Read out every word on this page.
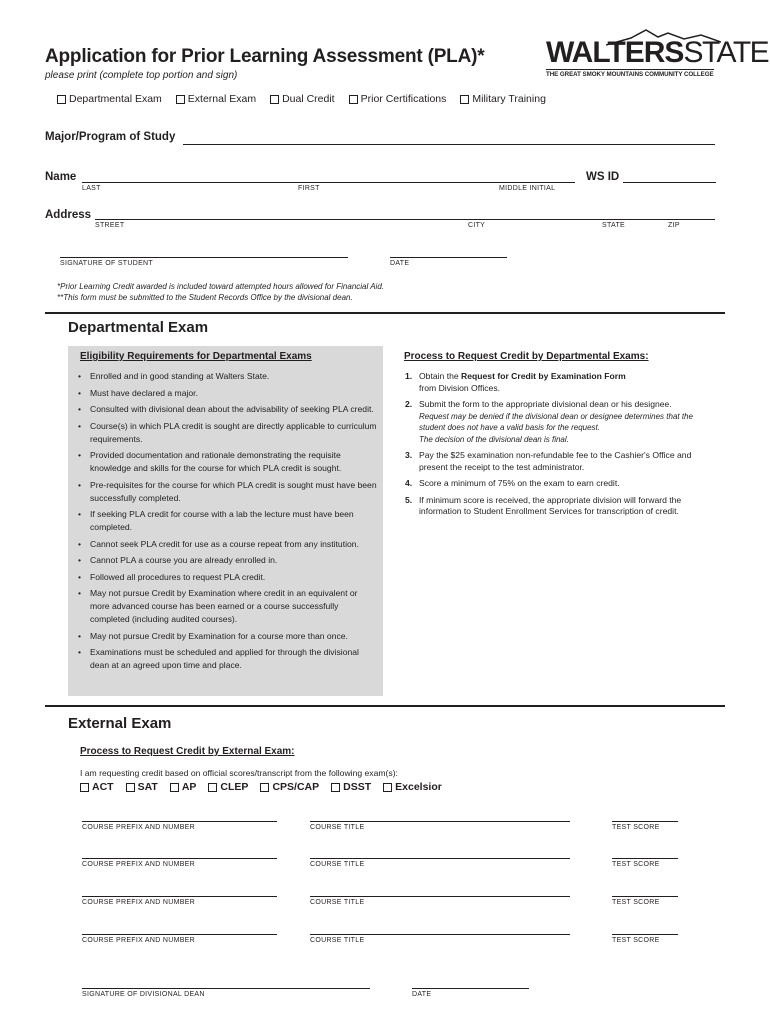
Application for Prior Learning Assessment (PLA)*
please print (complete top portion and sign)
WALTERSSTATE
THE GREAT SMOKY MOUNTAINS COMMUNITY COLLEGE
Departmental Exam External Exam Dual Credit Prior Certifications Military Training
Major/Program of Study
Name
LAST	FIRST	MIDDLE INITIAL
WS ID
Address
STREET	CITY	STATE	ZIP
SIGNATURE OF STUDENT	DATE
*Prior Learning Credit awarded is included toward attempted hours allowed for Financial Aid.
**This form must be submitted to the Student Records Office by the divisional dean.
Departmental Exam
Eligibility Requirements for Departmental Exams
• Enrolled and in good standing at Walters State.
• Must have declared a major.
• Consulted with divisional dean about the advisability of seeking PLA credit.
• Course(s) in which PLA credit is sought are directly applicable to curriculum requirements.
• Provided documentation and rationale demonstrating the requisite knowledge and skills for the course for which PLA credit is sought.
• Pre-requisites for the course for which PLA credit is sought must have been successfully completed.
• If seeking PLA credit for course with a lab the lecture must have been completed.
• Cannot seek PLA credit for use as a course repeat from any institution.
• Cannot PLA a course you are already enrolled in.
• Followed all procedures to request PLA credit.
• May not pursue Credit by Examination where credit in an equivalent or more advanced course has been earned or a course successfully completed (including audited courses).
• May not pursue Credit by Examination for a course more than once.
• Examinations must be scheduled and applied for through the divisional dean at an agreed upon time and place.
Process to Request Credit by Departmental Exams:
1. Obtain the Request for Credit by Examination Form
from Division Offices.
2. Submit the form to the appropriate divisional dean or his designee.
Request may be denied if the divisional dean or designee determines that the student does not have a valid basis for the request.
The decision of the divisional dean is final.
3. Pay the $25 examination non-refundable fee to the Cashier's Office and present the receipt to the test administrator.
4. Score a minimum of 75% on the exam to earn credit.
5. If minimum score is received, the appropriate division will forward the information to Student Enrollment Services for transcription of credit.
External Exam
Process to Request Credit by External Exam:
I am requesting credit based on official scores/transcript from the following exam(s):
ACT SAT AP CLEP CPS/CAP DSST Excelsior
COURSE PREFIX AND NUMBER	COURSE TITLE	TEST SCORE
COURSE PREFIX AND NUMBER	COURSE TITLE	TEST SCORE
COURSE PREFIX AND NUMBER	COURSE TITLE	TEST SCORE
COURSE PREFIX AND NUMBER	COURSE TITLE	TEST SCORE
SIGNATURE OF DIVISIONAL DEAN	DATE
